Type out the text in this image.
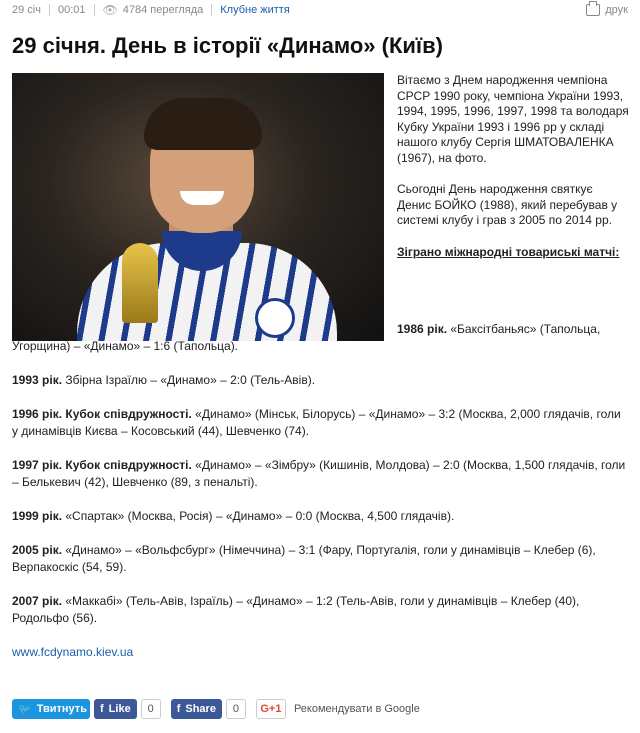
29 січ 00:01 👁 4784 перегляда Клубне життя	друк
29 січня. День в історії «Динамо» (Київ)

Вітаємо з Днем народження чемпіона СРСР 1990 року, чемпіона України 1993, 1994, 1995, 1996, 1997, 1998 та володаря Кубку України 1993 і 1996 рр у складі нашого клубу Сергія ШМАТОВАЛЕНКА (1967), на фото.

Сьогодні День народження святкує Денис БОЙКО (1988), який перебував у системі клубу і грав з 2005 по 2014 рр.

Зіграно міжнародні товариські матчі:

1986 рік. «Баксітбаньяс» (Тапольца, Угорщина) – «Динамо» – 1:6 (Тапольца).

1993 рік. Збірна Ізраїлю – «Динамо» – 2:0 (Тель-Авів).

1996 рік. Кубок співдружності. «Динамо» (Мінськ, Білорусь) – «Динамо» – 3:2 (Москва, 2,000 глядачів, голи у динамівців Києва – Косовський (44), Шевченко (74).

1997 рік. Кубок співдружності. «Динамо» – «Зімбру» (Кишинів, Молдова) – 2:0 (Москва, 1,500 глядачів, голи – Белькевич (42), Шевченко (89, з пенальті).

1999 рік. «Спартак» (Москва, Росія) – «Динамо» – 0:0 (Москва, 4,500 глядачів).

2005 рік. «Динамо» – «Вольфсбург» (Німеччина) – 3:1 (Фару, Португалія, голи у динамівців – Клебер (6), Верпакоскіс (54, 59).

2007 рік. «Маккабі» (Тель-Авів, Ізраїль) – «Динамо» – 1:2 (Тель-Авів, голи у динамівців – Клебер (40), Родольфо (56).

www.fcdynamo.kiev.ua

🐦 Твитнуть f Like	0	f Share	0	G+1	Рекомендувати в Google
